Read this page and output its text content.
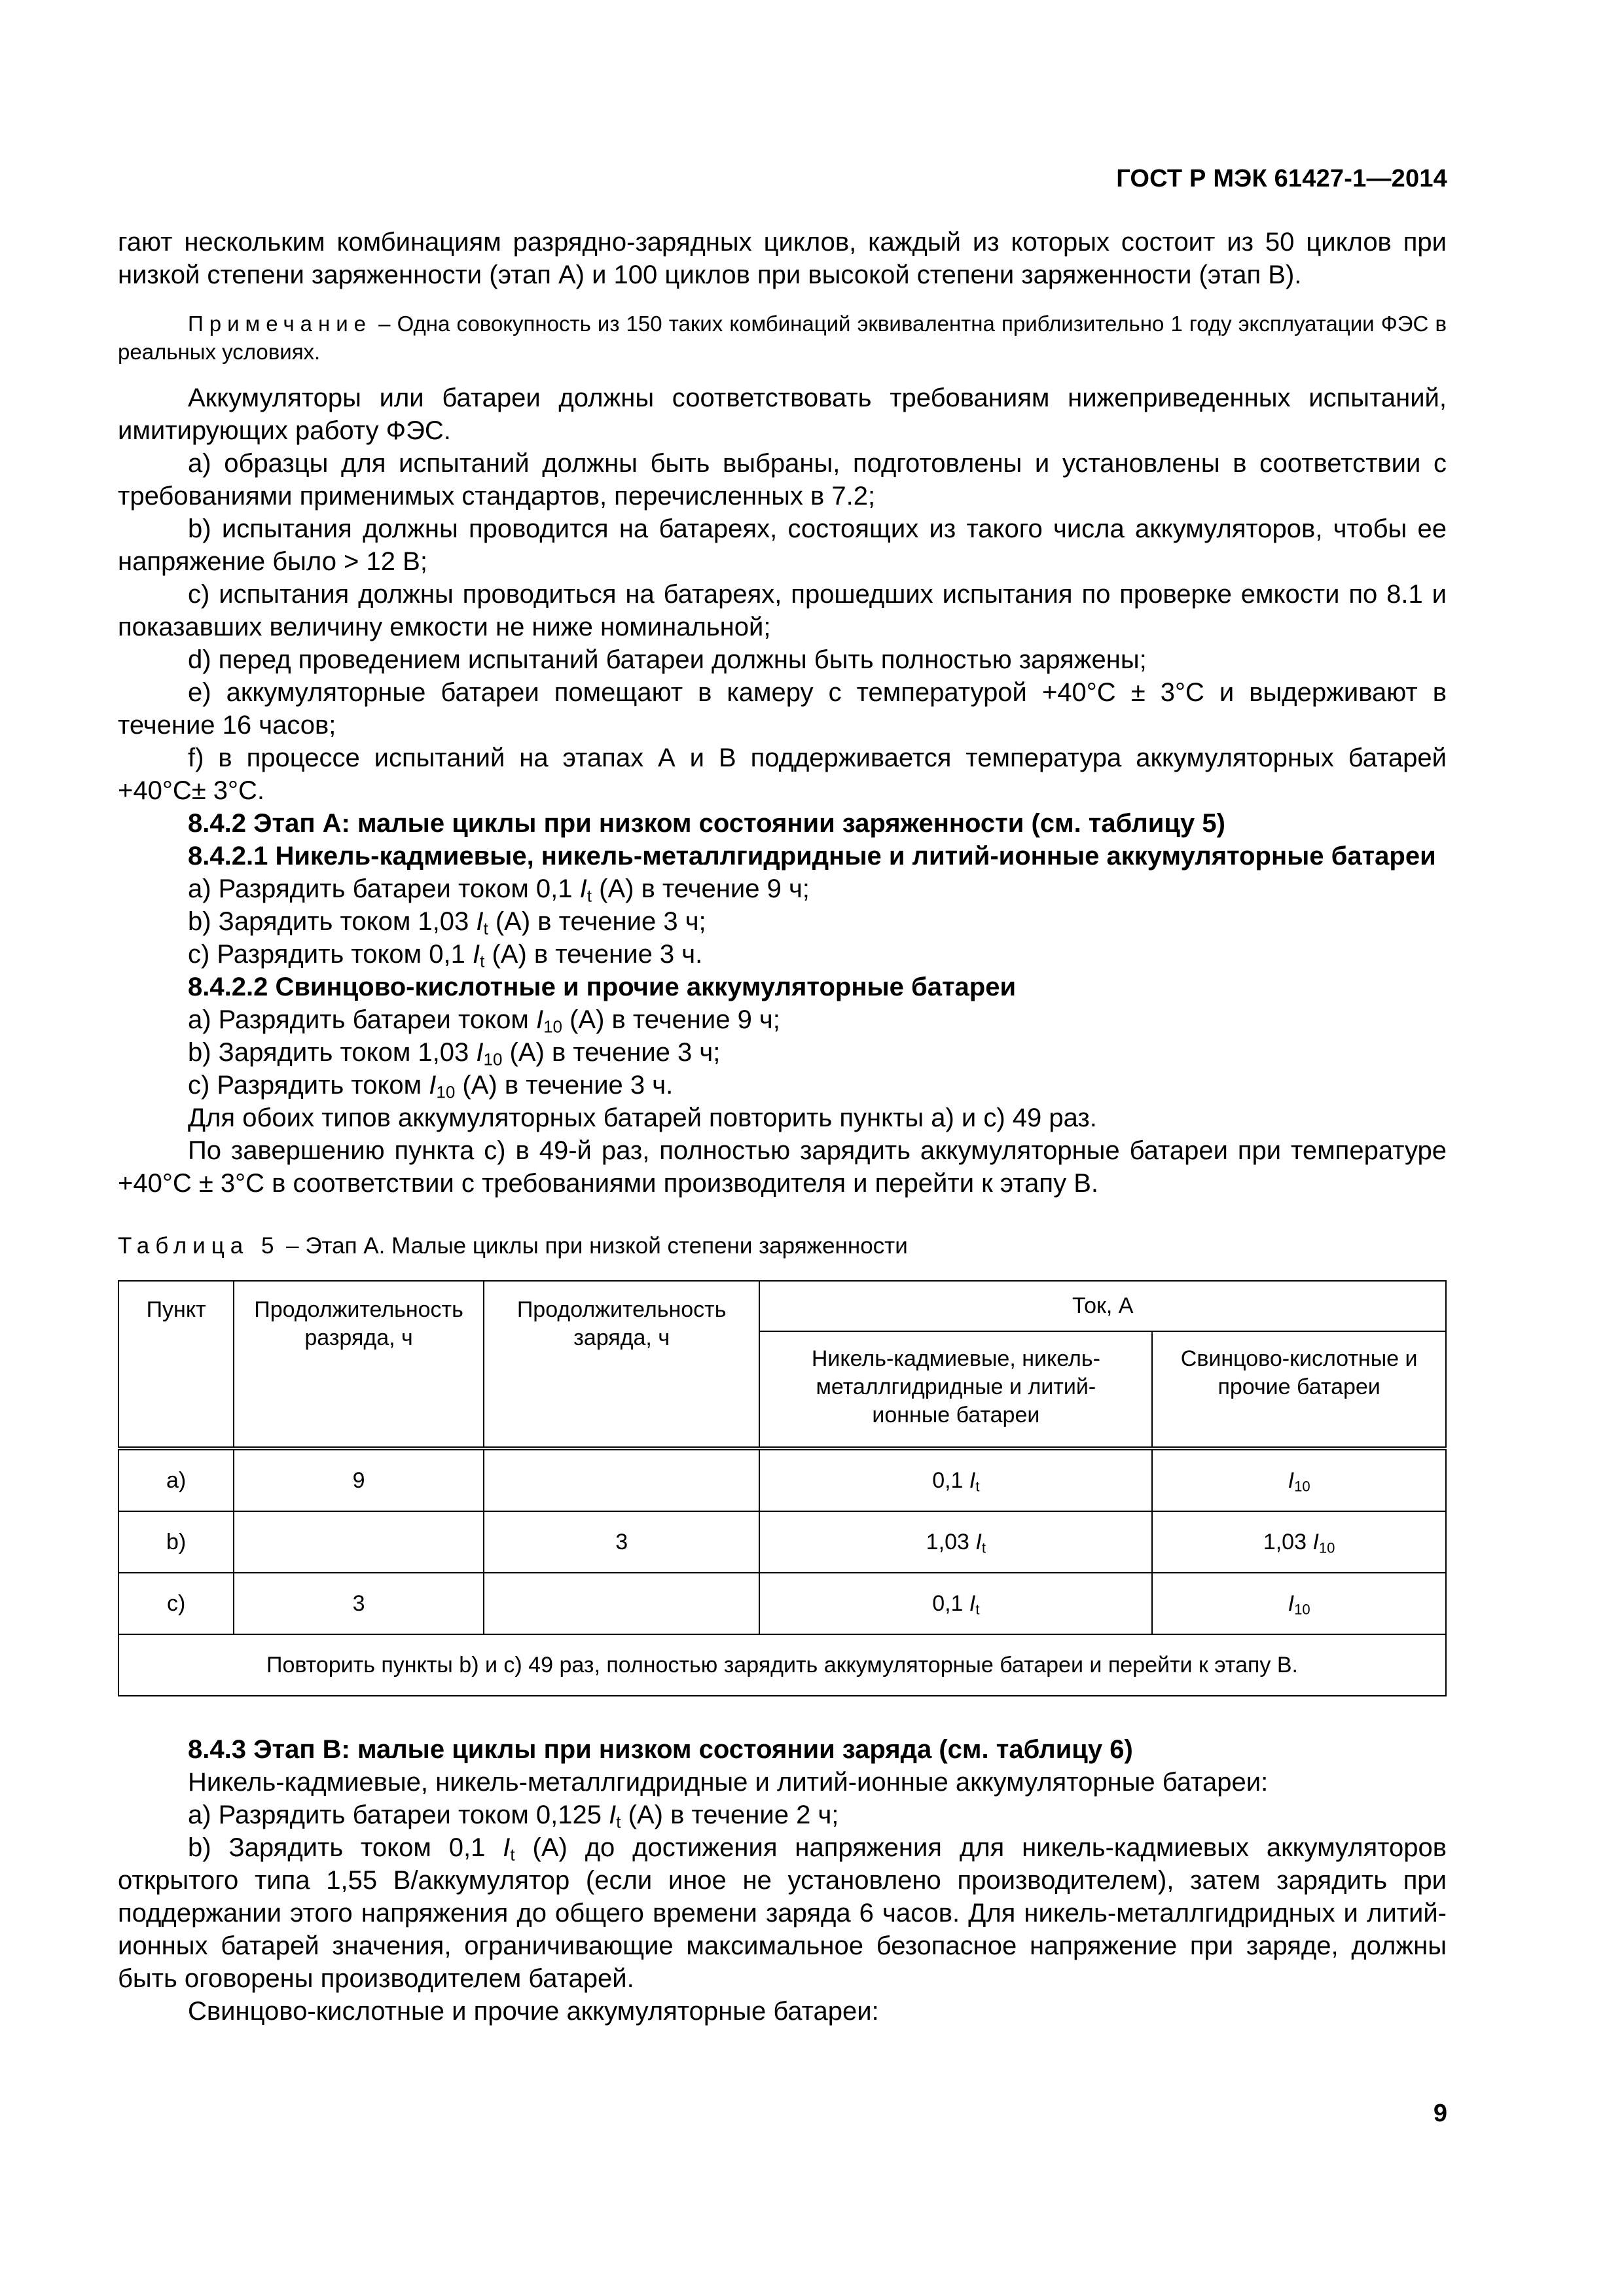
ГОСТ Р МЭК 61427-1—2014

гают нескольким комбинациям разрядно-зарядных циклов, каждый из которых состоит из 50 циклов при низкой степени заряженности (этап А) и 100 циклов при высокой степени заряженности (этап В).

Примечание – Одна совокупность из 150 таких комбинаций эквивалентна приблизительно 1 году эксплуатации ФЭС в реальных условиях.

Аккумуляторы или батареи должны соответствовать требованиям нижеприведенных испытаний, имитирующих работу ФЭС.

a) образцы для испытаний должны быть выбраны, подготовлены и установлены в соответствии с требованиями применимых стандартов, перечисленных в 7.2;

b) испытания должны проводится на батареях, состоящих из такого числа аккумуляторов, чтобы ее напряжение было > 12 В;

c) испытания должны проводиться на батареях, прошедших испытания по проверке емкости по 8.1 и показавших величину емкости не ниже номинальной;

d) перед проведением испытаний батареи должны быть полностью заряжены;

e) аккумуляторные батареи помещают в камеру с температурой +40°С ± 3°С и выдерживают в течение 16 часов;

f) в процессе испытаний на этапах А и В поддерживается температура аккумуляторных батарей +40°С± 3°С.

8.4.2 Этап А: малые циклы при низком состоянии заряженности (см. таблицу 5)

8.4.2.1 Никель-кадмиевые, никель-металлгидридные и литий-ионные аккумуляторные батареи

a) Разрядить батареи током 0,1 $I_t$ (А) в течение 9 ч;

b) Зарядить током 1,03 $I_t$ (А) в течение 3 ч;

c) Разрядить током 0,1 $I_t$ (А) в течение 3 ч.

8.4.2.2 Свинцово-кислотные и прочие аккумуляторные батареи

a) Разрядить батареи током $I_{10}$ (А) в течение 9 ч;

b) Зарядить током 1,03 $I_{10}$ (А) в течение 3 ч;

c) Разрядить током $I_{10}$ (А) в течение 3 ч.

Для обоих типов аккумуляторных батарей повторить пункты a) и c) 49 раз.

По завершению пункта c) в 49-й раз, полностью зарядить аккумуляторные батареи при температуре +40°С ± 3°С в соответствии с требованиями производителя и перейти к этапу В.

Таблица 5 – Этап А. Малые циклы при низкой степени заряженности

Пункт	Продолжительность разряда, ч	Продолжительность заряда, ч	Ток, А	
			Никель-кадмиевые, никель-металлгидридные и литий-ионные батареи	Свинцово-кислотные и прочие батареи
a)	9		0,1 $I_t$	$I_{10}$
b)		3	1,03 $I_t$	1,03 $I_{10}$
c)	3		0,1 $I_t$	$I_{10}$
Повторить пункты b) и c) 49 раз, полностью зарядить аккумуляторные батареи и перейти к этапу В.				

8.4.3 Этап В: малые циклы при низком состоянии заряда (см. таблицу 6)

Никель-кадмиевые, никель-металлгидридные и литий-ионные аккумуляторные батареи:

a) Разрядить батареи током 0,125 $I_t$ (А) в течение 2 ч;

b) Зарядить током 0,1 $I_t$ (А) до достижения напряжения для никель-кадмиевых аккумуляторов открытого типа 1,55 В/аккумулятор (если иное не установлено производителем), затем зарядить при поддержании этого напряжения до общего времени заряда 6 часов. Для никель-металлгидридных и литий-ионных батарей значения, ограничивающие максимальное безопасное напряжение при заряде, должны быть оговорены производителем батарей.

Свинцово-кислотные и прочие аккумуляторные батареи:

9
